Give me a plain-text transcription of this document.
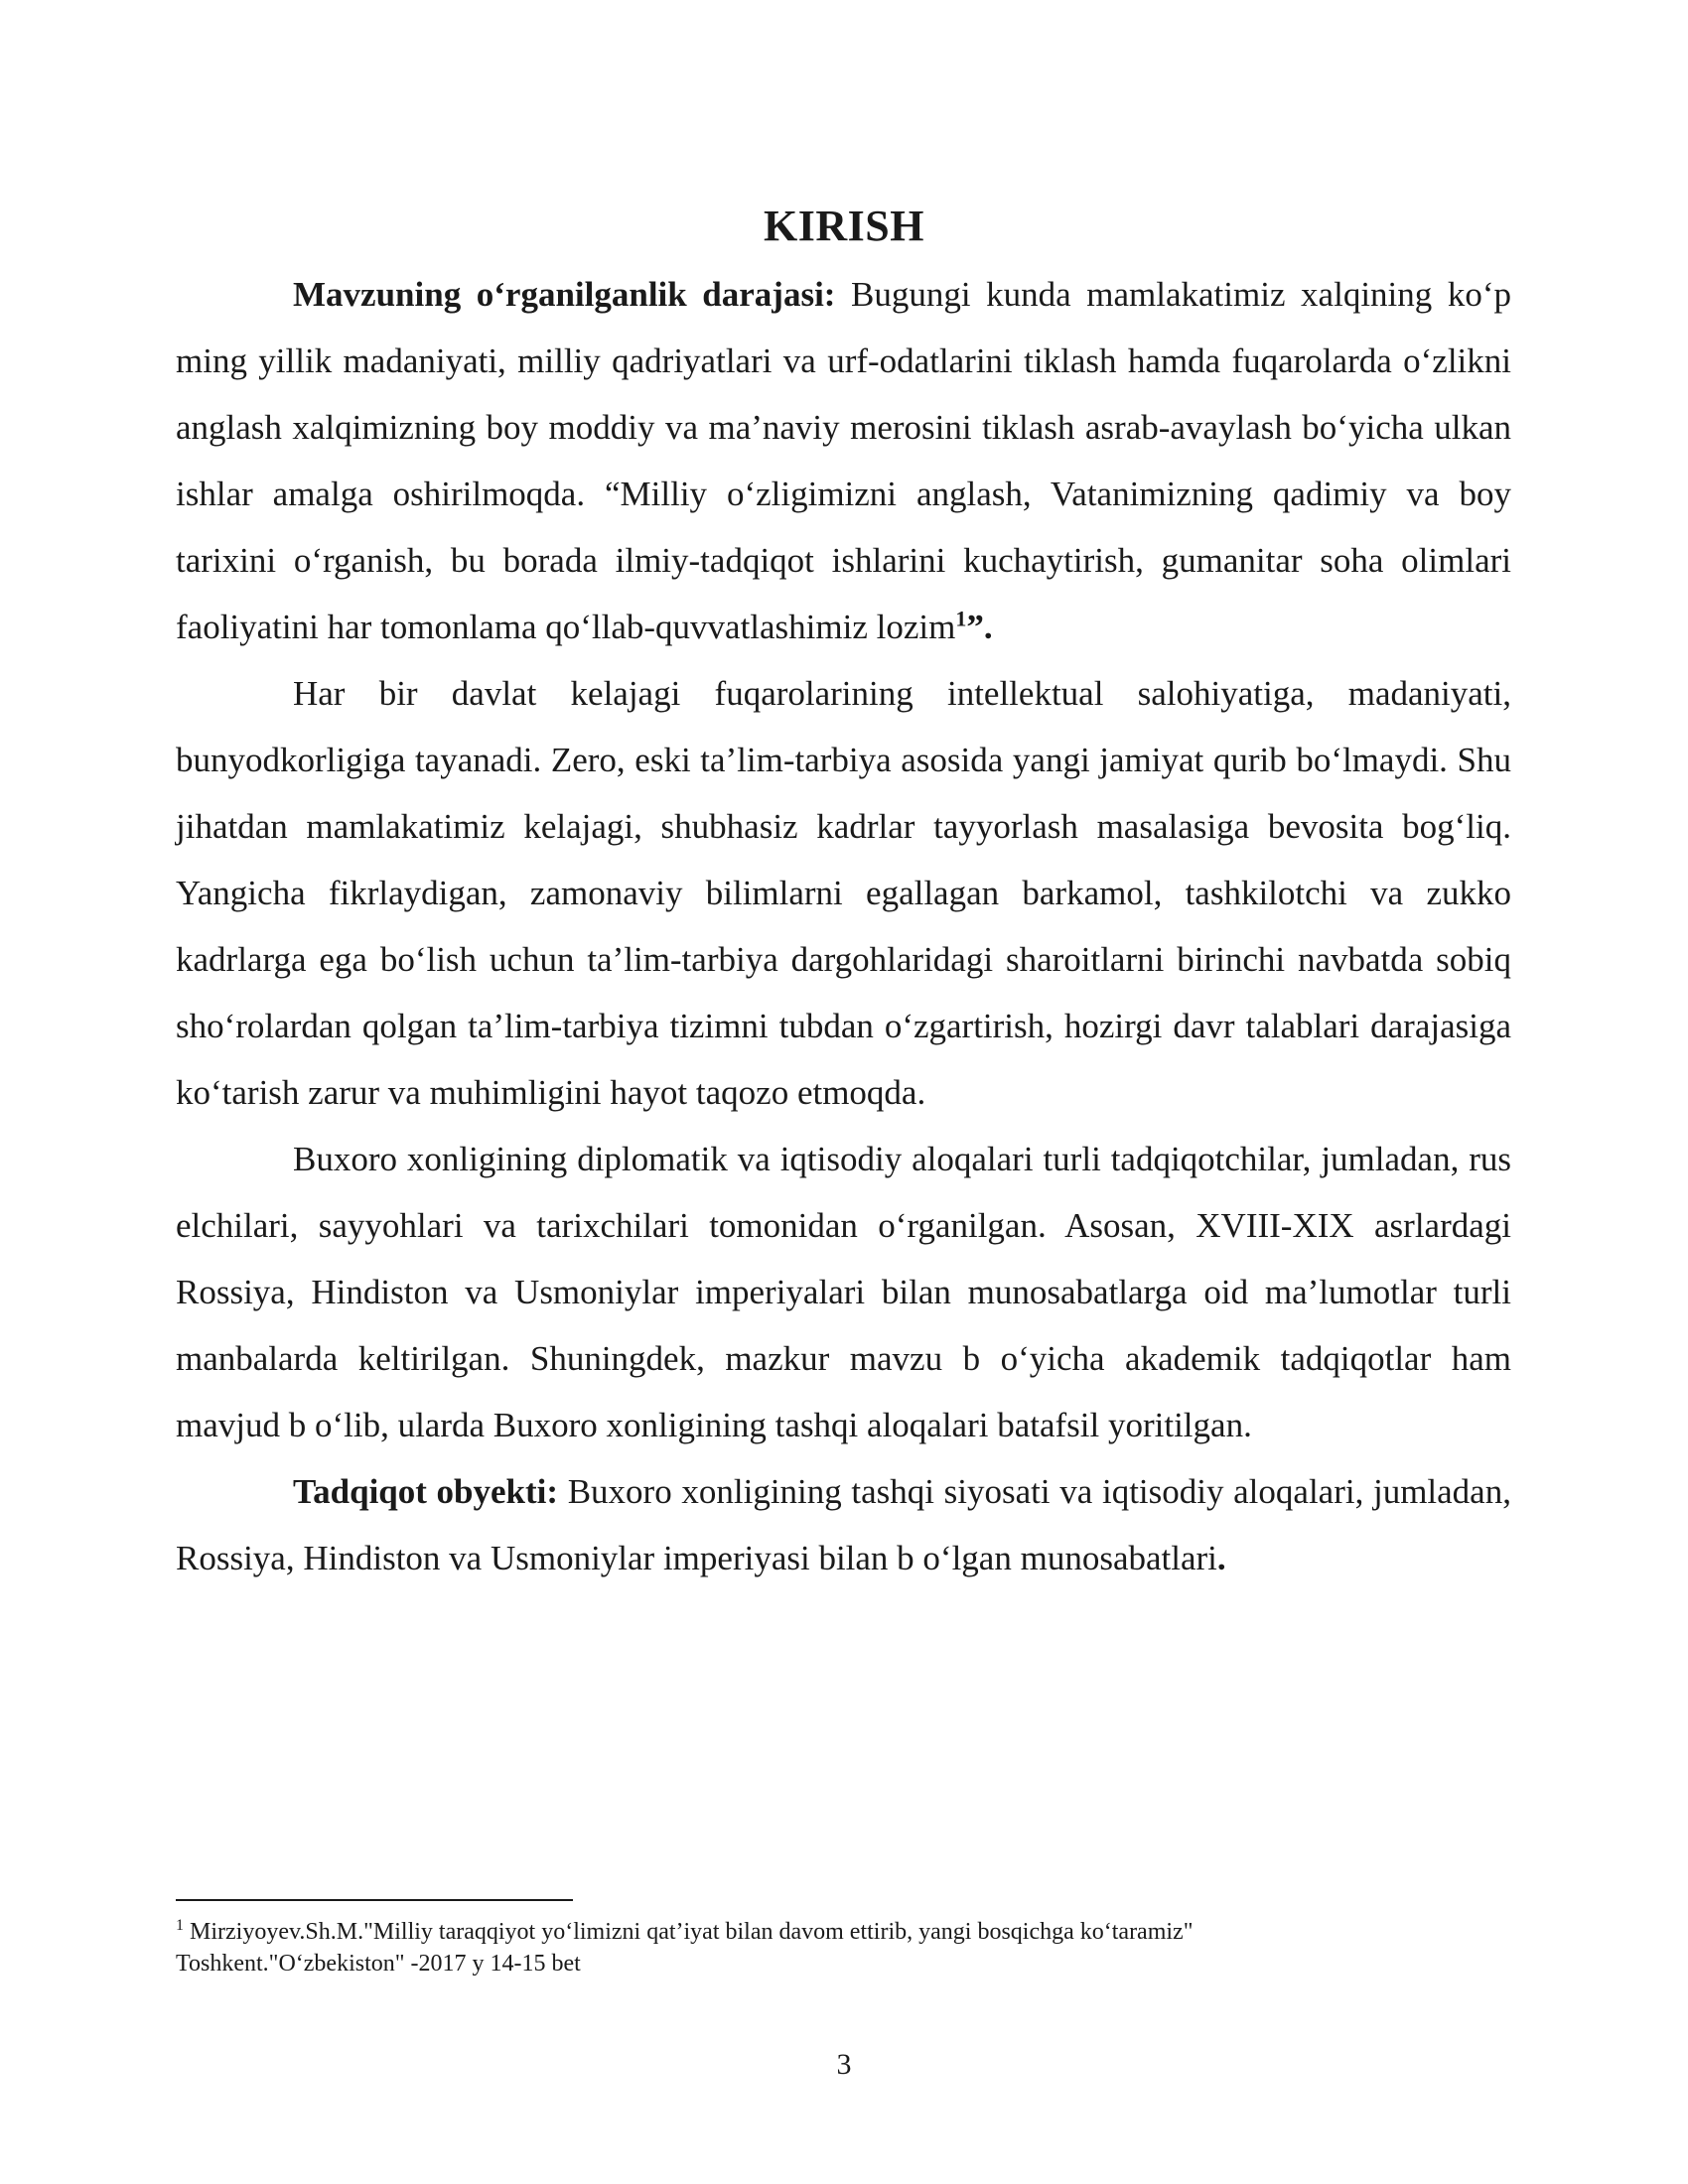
KIRISH

Mavzuning o‘rganilganlik darajasi: Bugungi kunda mamlakatimiz xalqining ko‘p ming yillik madaniyati, milliy qadriyatlari va urf-odatlarini tiklash hamda fuqarolarda o‘zlikni anglash xalqimizning boy moddiy va ma’naviy merosini tiklash asrab-avaylash bo‘yicha ulkan ishlar amalga oshirilmoqda. “Milliy o‘zligimizni anglash, Vatanimizning qadimiy va boy tarixini o‘rganish, bu borada ilmiy-tadqiqot ishlarini kuchaytirish, gumanitar soha olimlari faoliyatini har tomonlama qo‘llab-quvvatlashimiz lozim$^1$”.

Har bir davlat kelajagi fuqarolarining intellektual salohiyatiga, madaniyati, bunyodkorligiga tayanadi. Zero, eski ta’lim-tarbiya asosida yangi jamiyat qurib bo‘lmaydi. Shu jihatdan mamlakatimiz kelajagi, shubhasiz kadrlar tayyorlash masalasiga bevosita bog‘liq. Yangicha fikrlaydigan, zamonaviy bilimlarni egallagan barkamol, tashkilotchi va zukko kadrlarga ega bo‘lish uchun ta’lim-tarbiya dargohlaridagi sharoitlarni birinchi navbatda sobiq sho‘rolardan qolgan ta’lim-tarbiya tizimni tubdan o‘zgartirish, hozirgi davr talablari darajasiga ko‘tarish zarur va muhimligini hayot taqozo etmoqda.

Buxoro xonligining diplomatik va iqtisodiy aloqalari turli tadqiqotchilar, jumladan, rus elchilari, sayyohlari va tarixchilari tomonidan o‘rganilgan. Asosan, XVIII-XIX asrlardagi Rossiya, Hindiston va Usmoniylar imperiyalari bilan munosabatlarga oid ma’lumotlar turli manbalarda keltirilgan. Shuningdek, mazkur mavzu b o‘yicha akademik tadqiqotlar ham mavjud b o‘lib, ularda Buxoro xonligining tashqi aloqalari batafsil yoritilgan.

Tadqiqot obyekti: Buxoro xonligining tashqi siyosati va iqtisodiy aloqalari, jumladan, Rossiya, Hindiston va Usmoniylar imperiyasi bilan b o‘lgan munosabatlari.

$^1$ Mirziyoyev.Sh.M."Milliy taraqqiyot yo‘limizni qat’iyat bilan davom ettirib, yangi bosqichga ko‘taramiz"
Toshkent."O‘zbekiston" -2017 y 14-15 bet
3
